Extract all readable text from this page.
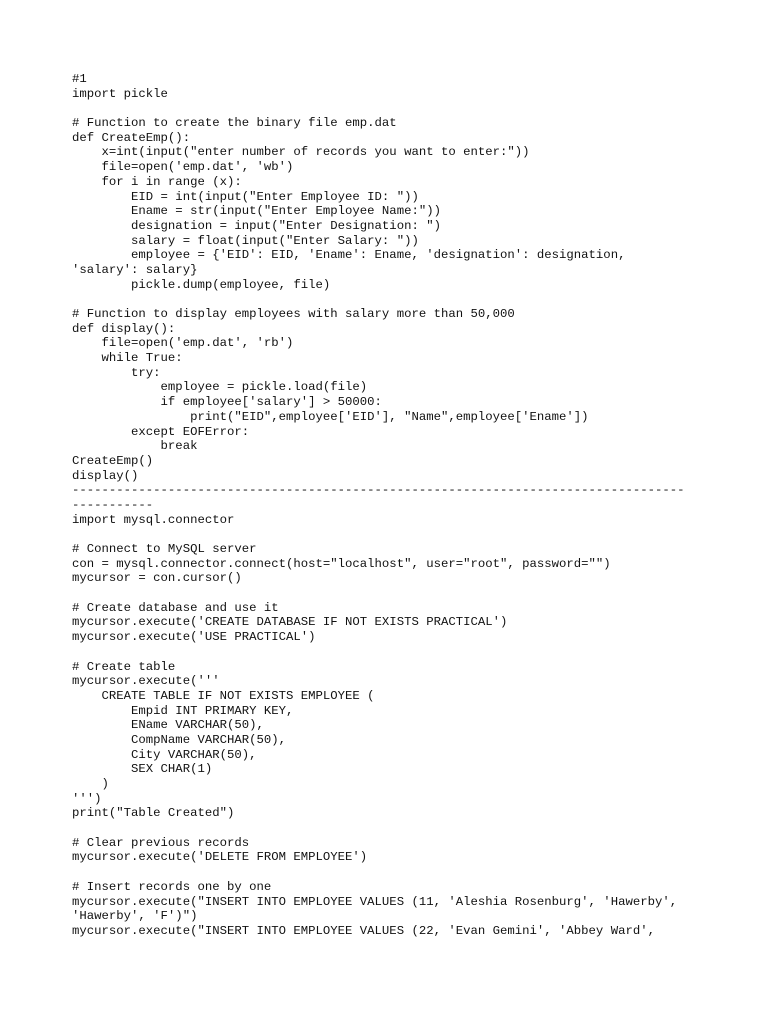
#1
import pickle
# Function to create the binary file emp.dat
def CreateEmp():
x=int(input("enter number of records you want to enter:"))
file=open('emp.dat', 'wb')
for i in range (x):
EID = int(input("Enter Employee ID: "))
Ename = str(input("Enter Employee Name:"))
designation = input("Enter Designation: ")
salary = float(input("Enter Salary: "))
employee = {'EID': EID, 'Ename': Ename, 'designation': designation,
'salary': salary}
pickle.dump(employee, file)
# Function to display employees with salary more than 50,000
def display():
file=open('emp.dat', 'rb')
while True:
try:
employee = pickle.load(file)
if employee['salary'] > 50000:
print("EID",employee['EID'], "Name",employee['Ename'])
except EOFError:
break
CreateEmp()
display()
-----------------------------------------------------------------------------------
-----------
import mysql.connector
# Connect to MySQL server
con = mysql.connector.connect(host="localhost", user="root", password="")
mycursor = con.cursor()
# Create database and use it
mycursor.execute('CREATE DATABASE IF NOT EXISTS PRACTICAL')
mycursor.execute('USE PRACTICAL')
# Create table
mycursor.execute('''
CREATE TABLE IF NOT EXISTS EMPLOYEE (
Empid INT PRIMARY KEY,
EName VARCHAR(50),
CompName VARCHAR(50),
City VARCHAR(50),
SEX CHAR(1)
)
''')
print("Table Created")
# Clear previous records
mycursor.execute('DELETE FROM EMPLOYEE')
# Insert records one by one
mycursor.execute("INSERT INTO EMPLOYEE VALUES (11, 'Aleshia Rosenburg', 'Hawerby',
'Hawerby', 'F')")
mycursor.execute("INSERT INTO EMPLOYEE VALUES (22, 'Evan Gemini', 'Abbey Ward',
